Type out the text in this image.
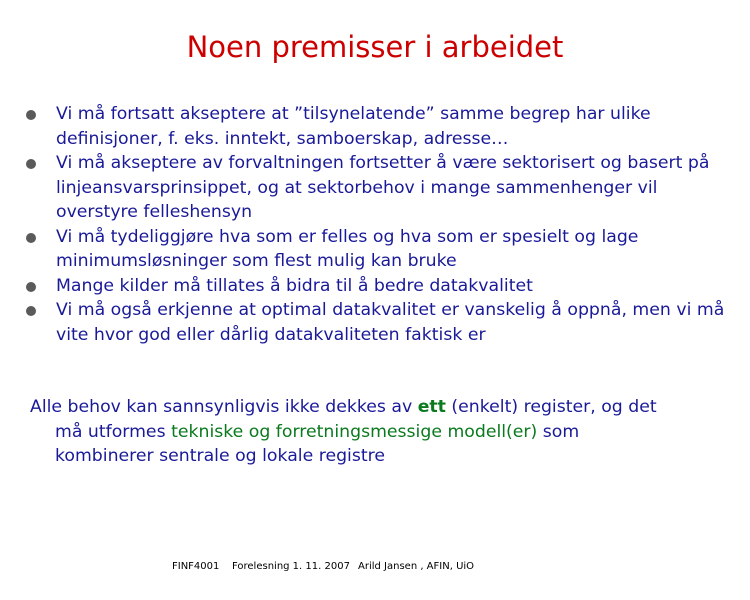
Noen premisser i arbeidet
Vi må fortsatt akseptere at ”tilsynelatende” samme begrep har ulike definisjoner, f. eks. inntekt, samboerskap, adresse…
Vi må akseptere av forvaltningen fortsetter å være sektorisert og basert på linjeansvarsprinsippet, og at sektorbehov i mange sammenhenger vil overstyre felleshensyn
Vi må tydeliggjøre hva som er felles og hva som er spesielt og lage minimumsløsninger som flest mulig kan bruke
Mange kilder må tillates å bidra til å bedre datakvalitet
Vi må også erkjenne at optimal datakvalitet er vanskelig å oppnå, men vi må vite hvor god eller dårlig datakvaliteten faktisk er
Alle behov kan sannsynligvis ikke dekkes av ett (enkelt) register, og det
må utformes tekniske og forretningsmessige modell(er) som
kombinerer sentrale og lokale registre
FINF4001 Forelesning 1. 11. 2007 Arild Jansen , AFIN, UiO
